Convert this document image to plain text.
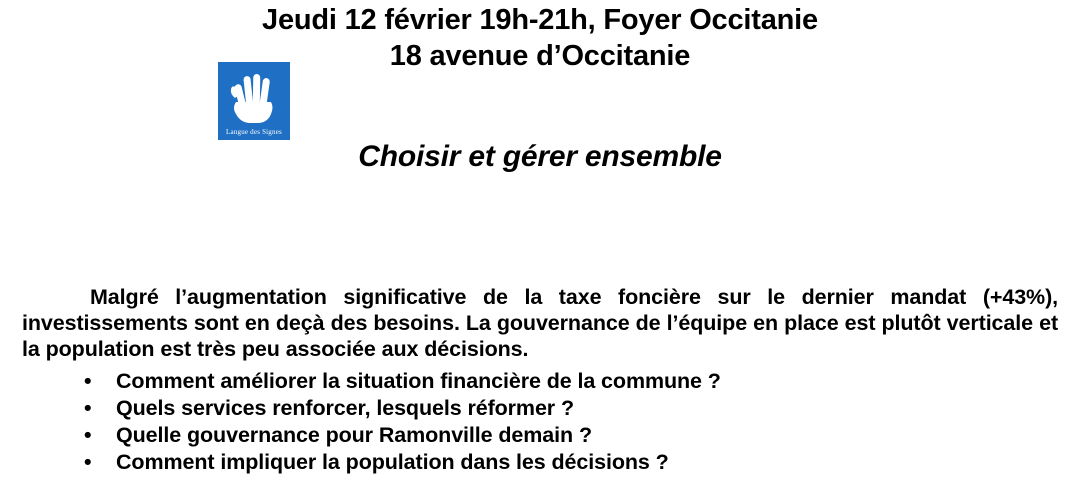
Jeudi 12 février 19h-21h, Foyer Occitanie
18 avenue d’Occitanie
Langue des Signes
Choisir et gérer ensemble

Malgré l’augmentation significative de la taxe foncière sur le dernier mandat (+43%), investissements sont en deçà des besoins. La gouvernance de l’équipe en place est plutôt verticale et la population est très peu associée aux décisions.

• Comment améliorer la situation financière de la commune ?
• Quels services renforcer, lesquels réformer ?
• Quelle gouvernance pour Ramonville demain ?
• Comment impliquer la population dans les décisions ?
